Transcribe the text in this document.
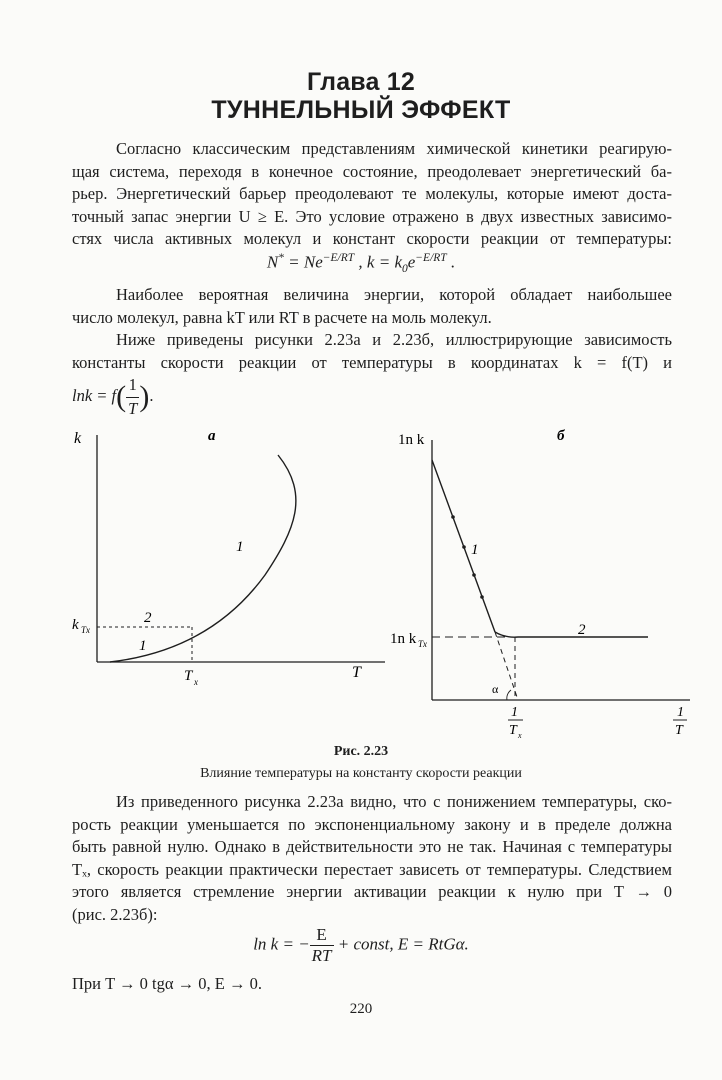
Глава 12
ТУННЕЛЬНЫЙ ЭФФЕКТ
Согласно классическим представлениям химической кинетики реагирую-
щая система, переходя в конечное состояние, преодолевает энергетический ба-
рьер. Энергетический барьер преодолевают те молекулы, которые имеют доста-
точный запас энергии U ≥ E. Это условие отражено в двух известных зависимо-
стях числа активных молекул и констант скорости реакции от температуры:
$N^* = Ne^{-E/RT}$ , $k = k_0e^{-E/RT}$ .
Наиболее вероятная величина энергии, которой обладает наибольшее
число молекул, равна kT или RT в расчете на моль молекул.
Ниже приведены рисунки 2.23а и 2.23б, иллюстрирующие зависимость
константы скорости реакции от температуры в координатах k = f(T) и
$\ln k = f( \frac{1}{T}$ ).
а
k
T
k Tx
T x
1
2
1
б
1n k
1n k Tx
1
2
α
1
T x
1
T
Рис. 2.23
Влияние температуры на константу скорости реакции
Из приведенного рисунка 2.23а видно, что с понижением температуры, ско-
рость реакции уменьшается по экспоненциальному закону и в пределе должна
быть равной нулю. Однако в действительности это не так. Начиная с температуры
Tₓ, скорость реакции практически перестает зависеть от температуры. Следствием
этого является стремление энергии активации реакции к нулю при T → 0
(рис. 2.23б):
ln k = − $\frac{E}{RT}$ + const, E = RtGα.
При T → 0 tgα → 0, E → 0.
220
